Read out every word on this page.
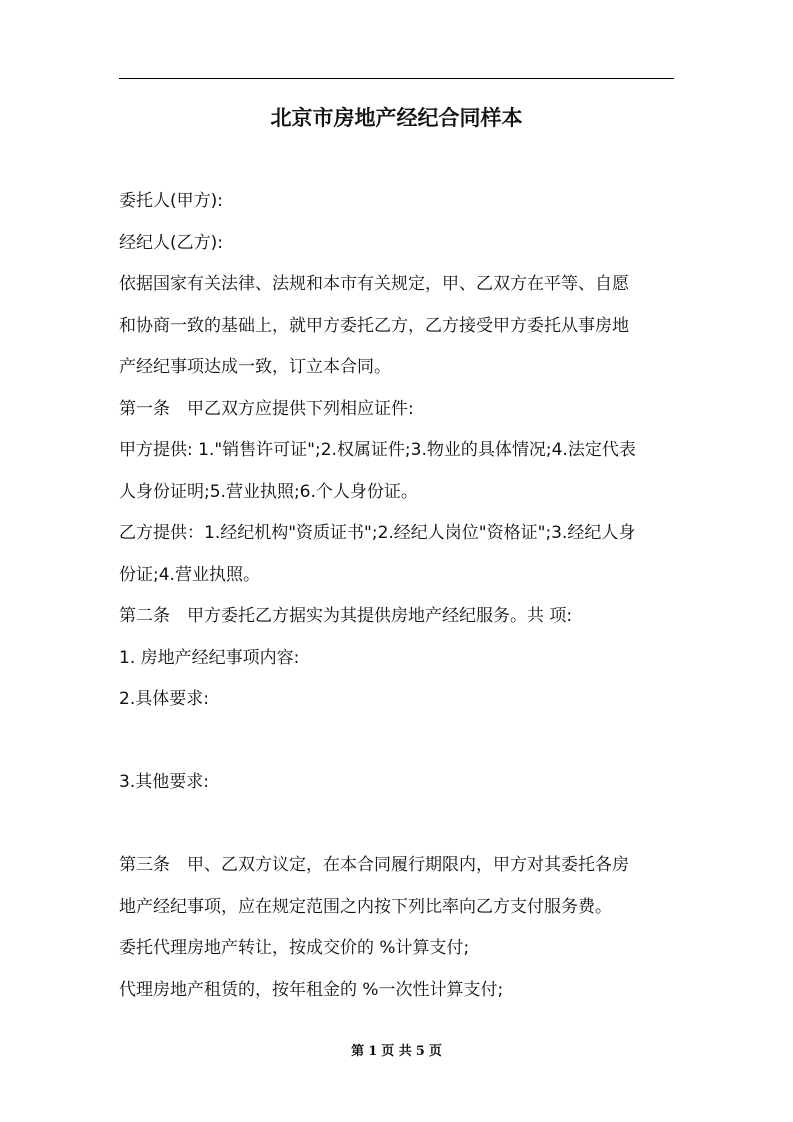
北京市房地产经纪合同样本
委托人(甲方):
经纪人(乙方):
依据国家有关法律、法规和本市有关规定，甲、乙双方在平等、自愿
和协商一致的基础上，就甲方委托乙方，乙方接受甲方委托从事房地
产经纪事项达成一致，订立本合同。
第一条　甲乙双方应提供下列相应证件:
甲方提供: 1."销售许可证";2.权属证件;3.物业的具体情况;4.法定代表
人身份证明;5.营业执照;6.个人身份证。
乙方提供：1.经纪机构"资质证书";2.经纪人岗位"资格证";3.经纪人身
份证;4.营业执照。
第二条　甲方委托乙方据实为其提供房地产经纪服务。共 项:
1. 房地产经纪事项内容:
2.具体要求:
3.其他要求:
第三条　甲、乙双方议定，在本合同履行期限内，甲方对其委托各房
地产经纪事项，应在规定范围之内按下列比率向乙方支付服务费。
委托代理房地产转让，按成交价的 %计算支付;
代理房地产租赁的，按年租金的 %一次性计算支付;
第 1 页 共 5 页
